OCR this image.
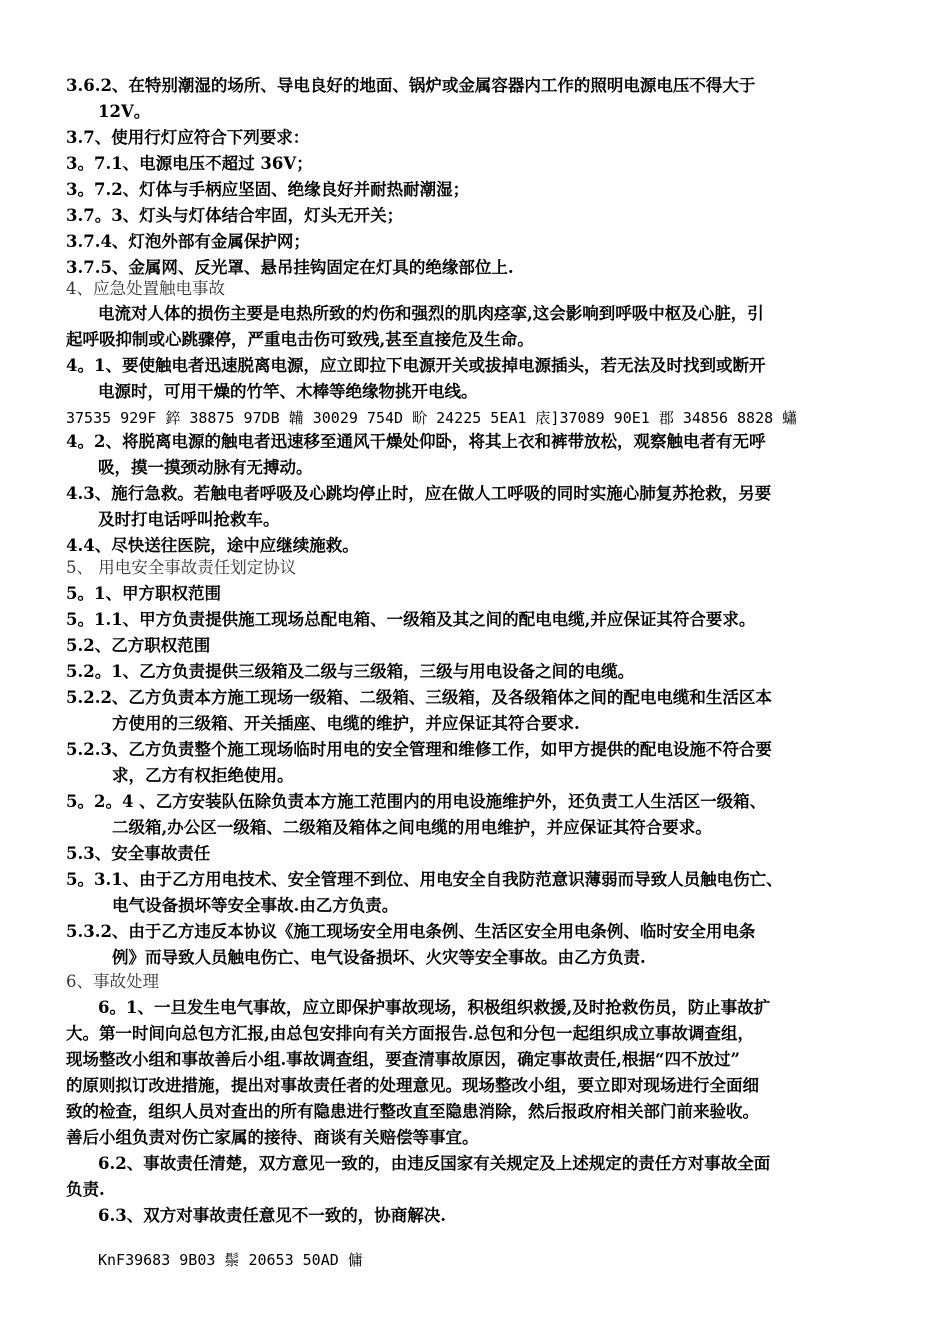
3.6.2、在特别潮湿的场所、导电良好的地面、锅炉或金属容器内工作的照明电源电压不得大于
12V。
3.7、使用行灯应符合下列要求：
3。7.1、电源电压不超过 36V；
3。7.2、灯体与手柄应坚固、绝缘良好并耐热耐潮湿；
3.7。3、灯头与灯体结合牢固，灯头无开关；
3.7.4、灯泡外部有金属保护网；
3.7.5、金属网、反光罩、悬吊挂钩固定在灯具的绝缘部位上.
4、应急处置触电事故
电流对人体的损伤主要是电热所致的灼伤和强烈的肌肉痉挛,这会影响到呼吸中枢及心脏，引
起呼吸抑制或心跳骤停，严重电击伤可致残,甚至直接危及生命。
4。1、要使触电者迅速脱离电源，应立即拉下电源开关或拔掉电源插头，若无法及时找到或断开
电源时，可用干燥的竹竿、木棒等绝缘物挑开电线。
37535 929F 錊 38875 97DB 韛 30029 754D 畍 24225 5EA1 庡]37089 90E1 郡 34856 8828 蠨
4。2、将脱离电源的触电者迅速移至通风干燥处仰卧，将其上衣和裤带放松，观察触电者有无呼
吸，摸一摸颈动脉有无搏动。
4.3、施行急救。若触电者呼吸及心跳均停止时，应在做人工呼吸的同时实施心肺复苏抢救，另要
及时打电话呼叫抢救车。
4.4、尽快送往医院，途中应继续施救。
5、 用电安全事故责任划定协议
5。1、甲方职权范围
5。1.1、甲方负责提供施工现场总配电箱、一级箱及其之间的配电电缆,并应保证其符合要求。
5.2、乙方职权范围
5.2。1、乙方负责提供三级箱及二级与三级箱，三级与用电设备之间的电缆。
5.2.2、乙方负责本方施工现场一级箱、二级箱、三级箱，及各级箱体之间的配电电缆和生活区本
方使用的三级箱、开关插座、电缆的维护，并应保证其符合要求.
5.2.3、乙方负责整个施工现场临时用电的安全管理和维修工作，如甲方提供的配电设施不符合要
求，乙方有权拒绝使用。
5。2。4 、乙方安装队伍除负责本方施工范围内的用电设施维护外，还负责工人生活区一级箱、
二级箱,办公区一级箱、二级箱及箱体之间电缆的用电维护，并应保证其符合要求。
5.3、安全事故责任
5。3.1、由于乙方用电技术、安全管理不到位、用电安全自我防范意识薄弱而导致人员触电伤亡、
电气设备损坏等安全事故.由乙方负责。
5.3.2、由于乙方违反本协议《施工现场安全用电条例、生活区安全用电条例、临时安全用电条
例》而导致人员触电伤亡、电气设备损坏、火灾等安全事故。由乙方负责.
6、事故处理
6。1、一旦发生电气事故，应立即保护事故现场，积极组织救援,及时抢救伤员，防止事故扩
大。第一时间向总包方汇报,由总包安排向有关方面报告.总包和分包一起组织成立事故调查组，
现场整改小组和事故善后小组.事故调查组，要查清事故原因，确定事故责任,根据“四不放过”
的原则拟订改进措施，提出对事故责任者的处理意见。现场整改小组，要立即对现场进行全面细
致的检查，组织人员对查出的所有隐患进行整改直至隐患消除，然后报政府相关部门前来验收。
善后小组负责对伤亡家属的接待、商谈有关赔偿等事宜。
6.2、事故责任清楚，双方意见一致的，由违反国家有关规定及上述规定的责任方对事故全面
负责.
6.3、双方对事故责任意见不一致的，协商解决.
KnF39683 9B03 鬃 20653 50AD 傭
